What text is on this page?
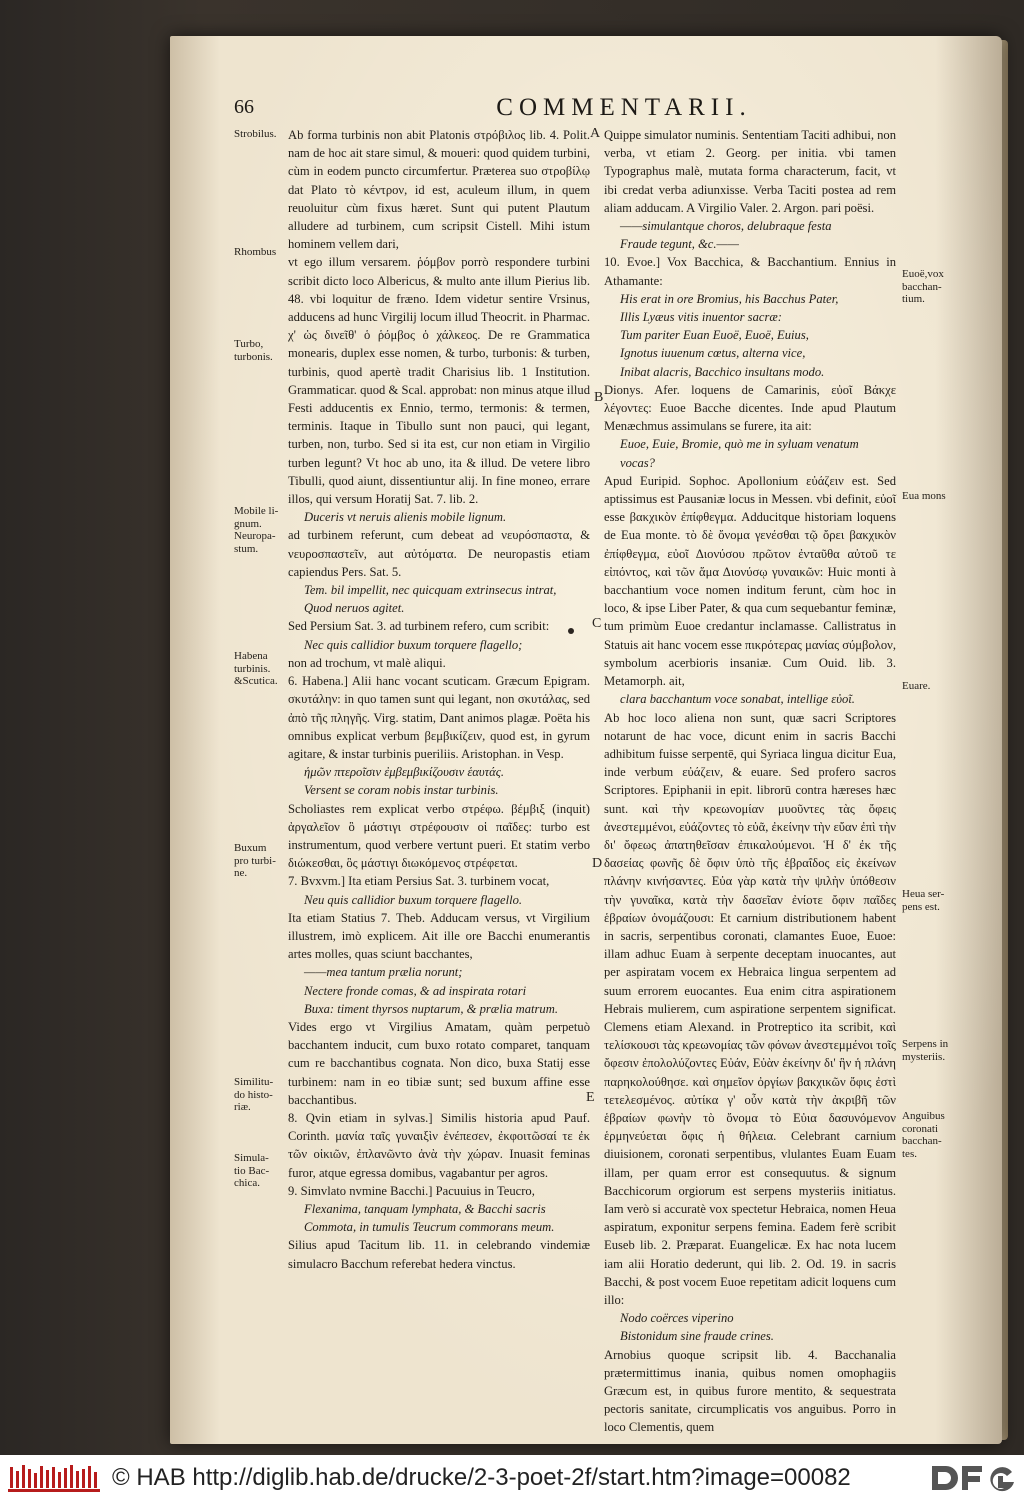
66	COMMENTARII.
Strobilus.
Rhombus
Turbo,
turbonis.
Mobile li-
gnum.
Neuropa-
stum.
Habena
turbinis.
&Scutica.
Buxum
pro turbi-
ne.
Similitu-
do histo-
riæ.
Simula-
tio Bac-
chica.
A
B
C
D
E

Ab forma turbinis non abit Platonis στρόβιλος lib. 4. Polit. nam de hoc ait stare simul, & moueri: quod quidem turbini, cùm in eodem puncto circumfertur. Præterea suo στροβίλῳ dat Plato τὸ κέντρον, id est, aculeum illum, in quem reuoluitur cùm fixus hæret. Sunt qui putent Plautum alludere ad turbinem, cum scripsit Cistell. Mihi istum hominem vellem dari,

vt ego illum versarem. ῥόμβον porrò respondere turbini scribit dicto loco Albericus, & multo ante illum Pierius lib. 48. vbi loquitur de fræno. Idem videtur sentire Vrsinus, adducens ad hunc Virgilij locum illud Theocrit. in Pharmac. χ' ὡς δινεῖθ' ὁ ῥόμβος ὁ χάλκεος. De re Grammatica monearis, duplex esse nomen, & turbo, turbonis: & turben, turbinis, quod apertè tradit Charisius lib. 1 Institution. Grammaticar. quod & Scal. approbat: non minus atque illud Festi adducentis ex Ennio, termo, termonis: & termen, terminis. Itaque in Tibullo sunt non pauci, qui legant, turben, non, turbo. Sed si ita est, cur non etiam in Virgilio turben legunt? Vt hoc ab uno, ita & illud. De vetere libro Tibulli, quod aiunt, dissentiuntur alij. In fine moneo, errare illos, qui versum Horatij Sat. 7. lib. 2.

Duceris vt neruis alienis mobile lignum.

ad turbinem referunt, cum debeat ad νευρόσπαστα, & νευροσπαστεῖν, aut αὐτόματα. De neuropastis etiam capiendus Pers. Sat. 5.

Tem. bil impellit, nec quicquam extrinsecus intrat,

Quod neruos agitet.

Sed Persium Sat. 3. ad turbinem refero, cum scribit:

Nec quis callidior buxum torquere flagello;

non ad trochum, vt malè aliqui.

6. Habena.] Alii hanc vocant scuticam. Græcum Epigram. σκυτάλην: in quo tamen sunt qui legant, non σκυτάλας, sed ἀπὸ τῆς πληγῆς. Virg. statim, Dant animos plagæ. Poëta his omnibus explicat verbum βεμβικίζειν, quod est, in gyrum agitare, & instar turbinis pueriliis. Aristophan. in Vesp.

ἡμῶν πτεροῖσιν ἐμβεμβικίζουσιν ἑαυτάς.

Versent se coram nobis instar turbinis.

Scholiastes rem explicat verbo στρέφω. βέμβιξ (inquit) ἀργαλεῖον ὃ μάστιγι στρέφουσιν οἱ παῖδες: turbo est instrumentum, quod verbere vertunt pueri. Et statim verbo διώκεσθαι, ὃς μάστιγι διωκόμενος στρέφεται.

7. Bvxvm.] Ita etiam Persius Sat. 3. turbinem vocat,

Neu quis callidior buxum torquere flagello.

Ita etiam Statius 7. Theb. Adducam versus, vt Virgilium illustrem, imò explicem. Ait ille ore Bacchi enumerantis artes molles, quas sciunt bacchantes,

——mea tantum prælia norunt;

Nectere fronde comas, & ad inspirata rotari

Buxa: timent thyrsos nuptarum, & prælia matrum.

Vides ergo vt Virgilius Amatam, quàm perpetuò bacchantem inducit, cum buxo rotato comparet, tanquam cum re bacchantibus cognata. Non dico, buxa Statij esse turbinem: nam in eo tibiæ sunt; sed buxum affine esse bacchantibus.

8. Qvin etiam in sylvas.] Similis historia apud Pauf. Corinth. μανία ταῖς γυναιξὶν ἐνέπεσεν, ἐκφοιτῶσαί τε ἐκ τῶν οἰκιῶν, ἐπλανῶντο ἀνὰ τὴν χώραν. Inuasit feminas furor, atque egressa domibus, vagabantur per agros.

9. Simvlato nvmine Bacchi.] Pacuuius in Teucro,

Flexanima, tanquam lymphata, & Bacchi sacris

Commota, in tumulis Teucrum commorans meum.

Silius apud Tacitum lib. 11. in celebrando vindemiæ simulacro Bacchum referebat hedera vinctus.

Quippe simulator numinis. Sententiam Taciti adhibui, non verba, vt etiam 2. Georg. per initia. vbi tamen Typographus malè, mutata forma characterum, facit, vt ibi credat verba adiunxisse. Verba Taciti postea ad rem aliam adducam. A Virgilio Valer. 2. Argon. pari poësi.

——simulantque choros, delubraque festa

Fraude tegunt, &c.——

10. Evoe.] Vox Bacchica, & Bacchantium. Ennius in Athamante:

His erat in ore Bromius, his Bacchus Pater,

Illis Lyæus vitis inuentor sacræ:

Tum pariter Euan Euoë, Euoë, Euius,

Ignotus iuuenum cœtus, alterna vice,

Inibat alacris, Bacchico insultans modo.

Dionys. Afer. loquens de Camarinis, εὐοῖ Βάκχε λέγοντες: Euoe Bacche dicentes. Inde apud Plautum Menæchmus assimulans se furere, ita ait:

Euoe, Euie, Bromie, quò me in syluam venatum vocas?

Apud Euripid. Sophoc. Apollonium εὐάζειν est. Sed aptissimus est Pausaniæ locus in Messen. vbi definit, εὐοῖ esse βακχικὸν ἐπίφθεγμα. Adducitque historiam loquens de Eua monte. τὸ δὲ ὄνομα γενέσθαι τῷ ὄρει βακχικὸν ἐπίφθεγμα, εὐοῖ Διονύσου πρῶτον ἐνταῦθα αὐτοῦ τε εἰπόντος, καὶ τῶν ἅμα Διονύσῳ γυναικῶν: Huic monti à bacchantium voce nomen inditum ferunt, cùm hoc in loco, & ipse Liber Pater, & qua cum sequebantur feminæ, tum primùm Euoe credantur inclamasse. Callistratus in Statuis ait hanc vocem esse πικρότερας μανίας σύμβολον, symbolum acerbioris insaniæ. Cum Ouid. lib. 3. Metamorph. ait,

clara bacchantum voce sonabat, intellige εὐοῖ.

Ab hoc loco aliena non sunt, quæ sacri Scriptores notarunt de hac voce, dicunt enim in sacris Bacchi adhibitum fuisse serpentē, qui Syriaca lingua dicitur Eua, inde verbum εὐάζειν, & euare. Sed profero sacros Scriptores. Epiphanii in epit. librorū contra hæreses hæc sunt. καὶ τὴν κρεωνομίαν μυοῦντες τὰς ὄφεις ἀνεστεμμένοι, εὐάζοντες τὸ εὐᾶ, ἐκείνην τὴν εὔαν ἐπὶ τὴν δι' ὄφεως ἀπατηθεῖσαν ἐπικαλούμενοι. Ἡ δ' ἐκ τῆς δασείας φωνῆς δὲ ὄφιν ὑπὸ τῆς ἑβραΐδος εἰς ἐκείνων πλάνην κινήσαντες. Εὐα γὰρ κατὰ τὴν ψιλὴν ὑπόθεσιν τὴν γυναῖκα, κατὰ τὴν δασεῖαν ἐνίοτε ὄφιν παῖδες ἑβραίων ὀνομάζουσι: Et carnium distributionem habent in sacris, serpentibus coronati, clamantes Euoe, Euoe: illam adhuc Euam à serpente deceptam inuocantes, aut per aspiratam vocem ex Hebraica lingua serpentem ad suum errorem euocantes. Eua enim citra aspirationem Hebrais mulierem, cum aspiratione serpentem significat. Clemens etiam Alexand. in Protreptico ita scribit, καὶ τελίσκουσι τὰς κρεωνομίας τῶν φόνων ἀνεστεμμένοι τοῖς ὄφεσιν ἐπολολύζοντες Εὐάν, Εὐὰν ἐκείνην δι' ἣν ἡ πλάνη παρηκολούθησε. καὶ σημεῖον ὀργίων βακχικῶν ὄφις ἐστὶ τετελεσμένος. αὐτίκα γ' οὖν κατὰ τὴν ἀκριβῆ τῶν ἑβραίων φωνὴν τὸ ὄνομα τὸ Εὐια δασυνόμενον ἑρμηνεύεται ὄφις ἡ θήλεια. Celebrant carnium diuisionem, coronati serpentibus, vlulantes Euam Euam illam, per quam error est consequutus. & signum Bacchicorum orgiorum est serpens mysteriis initiatus. Iam verò si accuratè vox spectetur Hebraica, nomen Heua aspiratum, exponitur serpens femina. Eadem ferè scribit Euseb lib. 2. Præparat. Euangelicæ. Ex hac nota lucem iam alii Horatio dederunt, qui lib. 2. Od. 19. in sacris Bacchi, & post vocem Euoe repetitam adicit loquens cum illo:

Nodo coërces viperino

Bistonidum sine fraude crines.

Arnobius quoque scripsit lib. 4. Bacchanalia prætermittimus inania, quibus nomen omophagiis Græcum est, in quibus furore mentito, & sequestrata pectoris sanitate, circumplicatis vos anguibus. Porro in loco Clementis, quem

Euoë,vox
bacchan-
tium.
Eua mons
Euare.
Heua ser-
pens est.
Serpens in
mysteriis.
Anguibus
coronati
bacchan-
tes.
© HAB http://diglib.hab.de/drucke/2-3-poet-2f/start.htm?image=00082
